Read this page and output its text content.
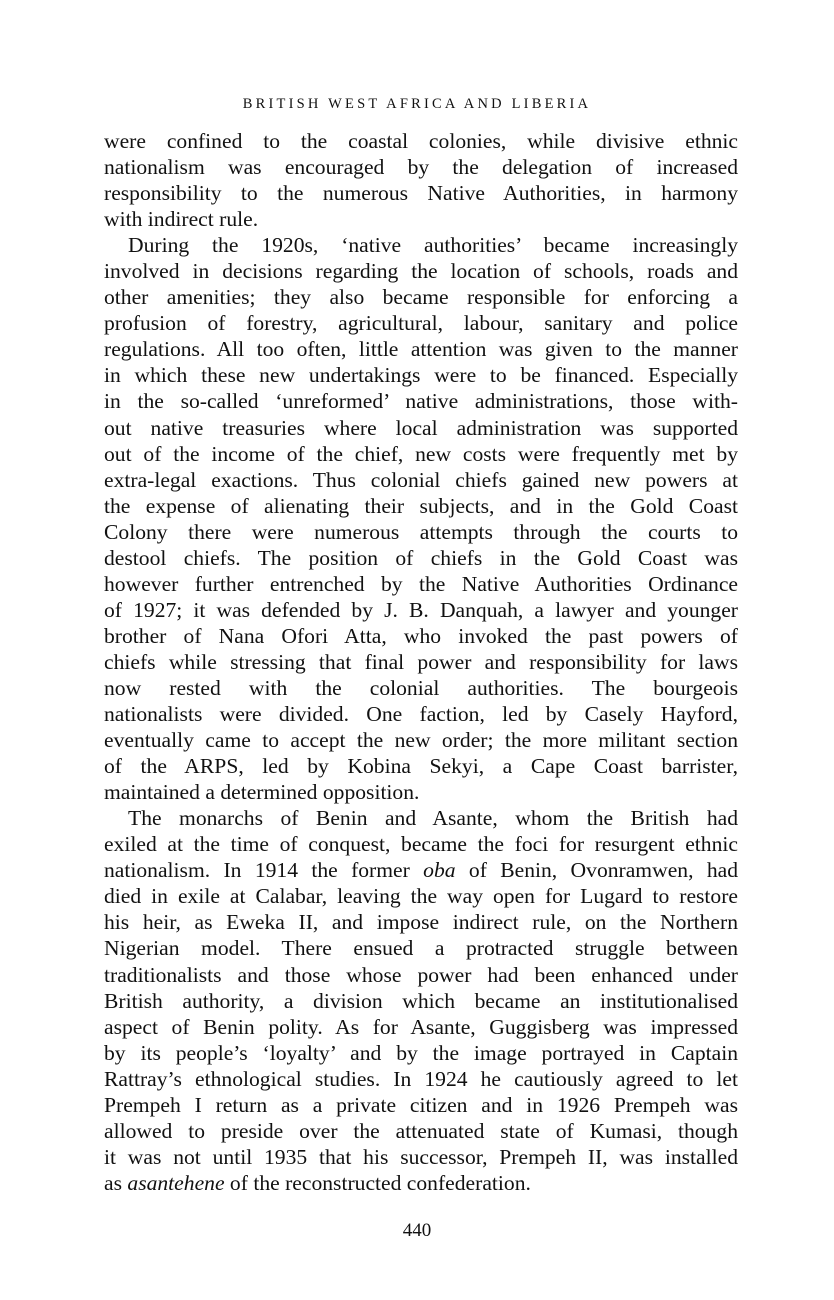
BRITISH WEST AFRICA AND LIBERIA
were confined to the coastal colonies, while divisive ethnic
nationalism was encouraged by the delegation of increased
responsibility to the numerous Native Authorities, in harmony
with indirect rule.
During the 1920s, ‘native authorities’ became increasingly
involved in decisions regarding the location of schools, roads and
other amenities; they also became responsible for enforcing a
profusion of forestry, agricultural, labour, sanitary and police
regulations. All too often, little attention was given to the manner
in which these new undertakings were to be financed. Especially
in the so-called ‘unreformed’ native administrations, those with-
out native treasuries where local administration was supported
out of the income of the chief, new costs were frequently met by
extra-legal exactions. Thus colonial chiefs gained new powers at
the expense of alienating their subjects, and in the Gold Coast
Colony there were numerous attempts through the courts to
destool chiefs. The position of chiefs in the Gold Coast was
however further entrenched by the Native Authorities Ordinance
of 1927; it was defended by J. B. Danquah, a lawyer and younger
brother of Nana Ofori Atta, who invoked the past powers of
chiefs while stressing that final power and responsibility for laws
now rested with the colonial authorities. The bourgeois
nationalists were divided. One faction, led by Casely Hayford,
eventually came to accept the new order; the more militant section
of the ARPS, led by Kobina Sekyi, a Cape Coast barrister,
maintained a determined opposition.
The monarchs of Benin and Asante, whom the British had
exiled at the time of conquest, became the foci for resurgent ethnic
nationalism. In 1914 the former oba of Benin, Ovonramwen, had
died in exile at Calabar, leaving the way open for Lugard to restore
his heir, as Eweka II, and impose indirect rule, on the Northern
Nigerian model. There ensued a protracted struggle between
traditionalists and those whose power had been enhanced under
British authority, a division which became an institutionalised
aspect of Benin polity. As for Asante, Guggisberg was impressed
by its people’s ‘loyalty’ and by the image portrayed in Captain
Rattray’s ethnological studies. In 1924 he cautiously agreed to let
Prempeh I return as a private citizen and in 1926 Prempeh was
allowed to preside over the attenuated state of Kumasi, though
it was not until 1935 that his successor, Prempeh II, was installed
as asantehene of the reconstructed confederation.
440
